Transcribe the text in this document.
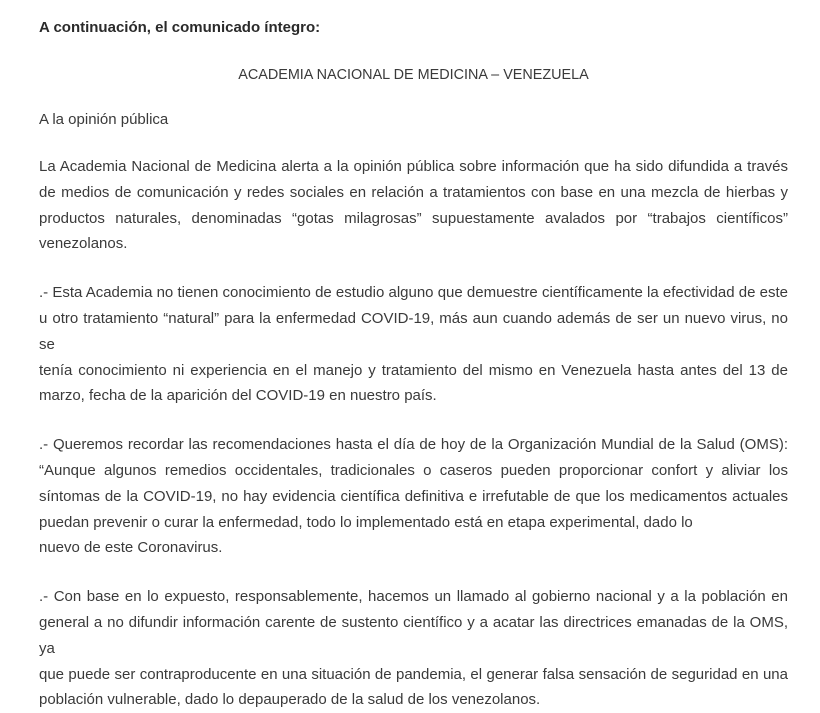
A continuación, el comunicado íntegro:

ACADEMIA NACIONAL DE MEDICINA – VENEZUELA

A la opinión pública

La Academia Nacional de Medicina alerta a la opinión pública sobre información que ha sido difundida a través
de medios de comunicación y redes sociales en relación a tratamientos con base en una mezcla de hierbas y
productos naturales, denominadas “gotas milagrosas” supuestamente avalados por “trabajos científicos”
venezolanos.

.- Esta Academia no tienen conocimiento de estudio alguno que demuestre científicamente la efectividad de este
u otro tratamiento “natural” para la enfermedad COVID-19, más aun cuando además de ser un nuevo virus, no se
tenía conocimiento ni experiencia en el manejo y tratamiento del mismo en Venezuela hasta antes del 13 de
marzo, fecha de la aparición del COVID-19 en nuestro país.

.- Queremos recordar las recomendaciones hasta el día de hoy de la Organización Mundial de la Salud (OMS):
“Aunque algunos remedios occidentales, tradicionales o caseros pueden proporcionar confort y aliviar los
síntomas de la COVID-19, no hay evidencia científica definitiva e irrefutable de que los medicamentos actuales
puedan prevenir o curar la enfermedad, todo lo implementado está en etapa experimental, dado lo
nuevo de este Coronavirus.

.- Con base en lo expuesto, responsablemente, hacemos un llamado al gobierno nacional y a la población en
general a no difundir información carente de sustento científico y a acatar las directrices emanadas de la OMS, ya
que puede ser contraproducente en una situación de pandemia, el generar falsa sensación de seguridad en una
población vulnerable, dado lo depauperado de la salud de los venezolanos.
